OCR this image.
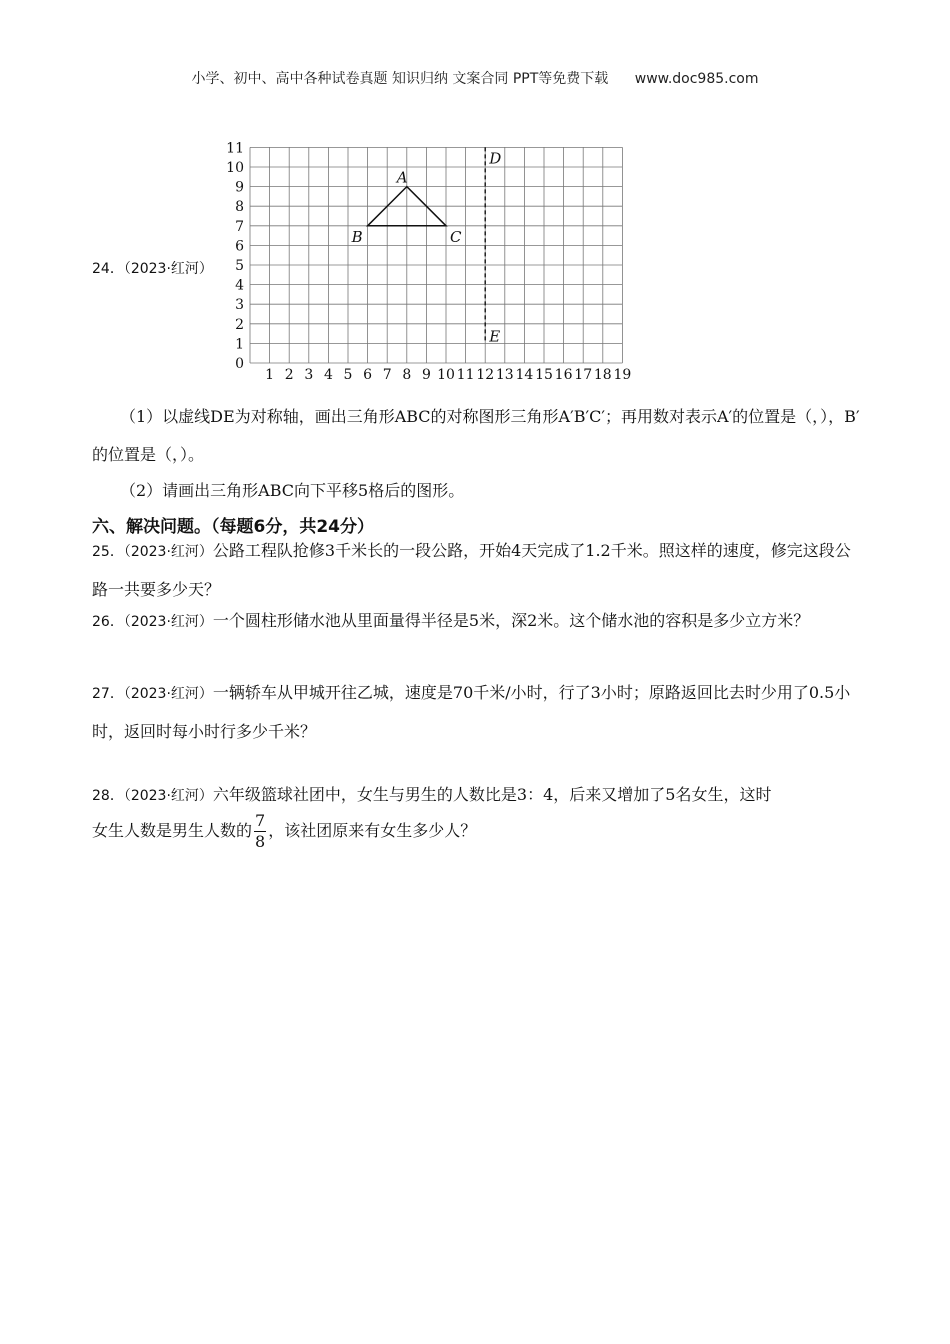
小学、初中、高中各种试卷真题 知识归纳 文案合同 PPT等免费下载 www.doc985.com
24．（2023·红河）
1 2 3 4 5 6 7 8 9 10 11 12 13 14 15 16 17 18 19
0
1
2
3
4
5
6
7
8
9
10
11
A
B	C
D
E
（1）以虚线DE为对称轴，画出三角形ABC的对称图形三角形A′B′C′；再用数对表示A′的位置是（，），B′的位置是（，）。
（2）请画出三角形ABC向下平移5格后的图形。
六、解决问题。（每题6分，共24分）
25．（2023·红河）公路工程队抢修3千米长的一段公路，开始4天完成了1.2千米。照这样的速度，修完这段公路一共要多少天？
26．（2023·红河）一个圆柱形储水池从里面量得半径是5米，深2米。这个储水池的容积是多少立方米？
27．（2023·红河）一辆轿车从甲城开往乙城，速度是70千米/小时，行了3小时；原路返回比去时少用了0.5小时，返回时每小时行多少千米？
28．（2023·红河）六年级篮球社团中，女生与男生的人数比是3：4，后来又增加了5名女生，这时
女生人数是男生人数的 $\frac{7}{8}$ ，该社团原来有女生多少人？
